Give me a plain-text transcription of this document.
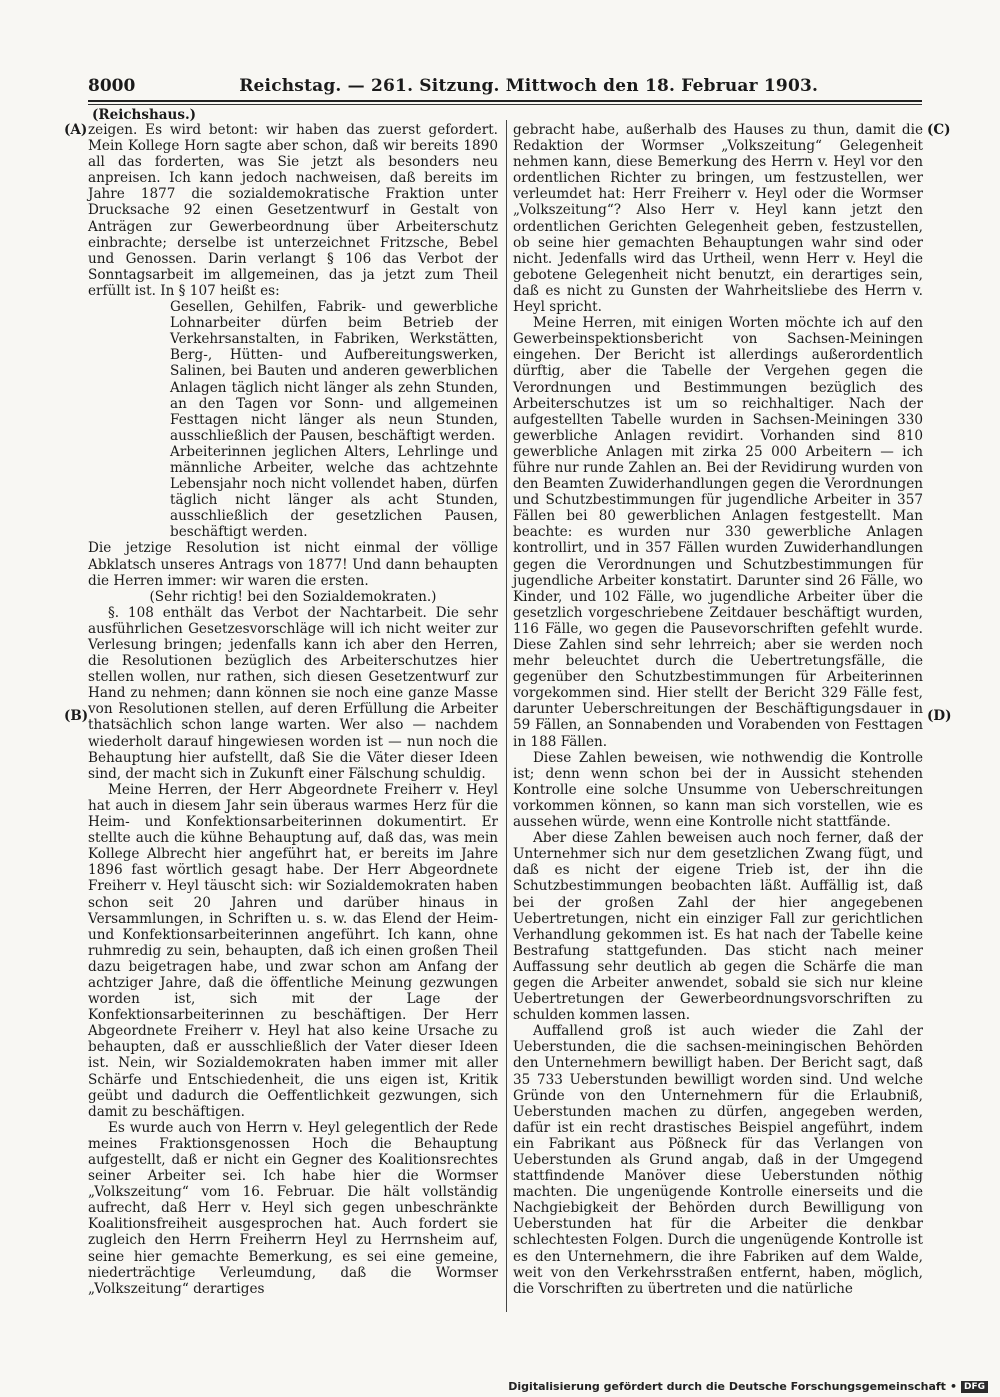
8000	Reichstag. — 261. Sitzung. Mittwoch den 18. Februar 1903.
(Reichshaus.)
(A)
(B)
(C)
(D)

zeigen. Es wird betont: wir haben das zuerst gefordert. Mein Kollege Horn sagte aber schon, daß wir bereits 1890 all das forderten, was Sie jetzt als besonders neu anpreisen. Ich kann jedoch nachweisen, daß bereits im Jahre 1877 die sozialdemokratische Fraktion unter Drucksache 92 einen Gesetzentwurf in Gestalt von Anträgen zur Gewerbeordnung über Arbeiterschutz einbrachte; derselbe ist unterzeichnet Fritzsche, Bebel und Genossen. Darin verlangt § 106 das Verbot der Sonntagsarbeit im allgemeinen, das ja jetzt zum Theil erfüllt ist. In § 107 heißt es:

Gesellen, Gehilfen, Fabrik- und gewerbliche Lohnarbeiter dürfen beim Betrieb der Verkehrsanstalten, in Fabriken, Werkstätten, Berg-, Hütten- und Aufbereitungswerken, Salinen, bei Bauten und anderen gewerblichen Anlagen täglich nicht länger als zehn Stunden, an den Tagen vor Sonn- und allgemeinen Festtagen nicht länger als neun Stunden, ausschließlich der Pausen, beschäftigt werden.

Arbeiterinnen jeglichen Alters, Lehrlinge und männliche Arbeiter, welche das achtzehnte Lebensjahr noch nicht vollendet haben, dürfen täglich nicht länger als acht Stunden, ausschließlich der gesetzlichen Pausen, beschäftigt werden.

Die jetzige Resolution ist nicht einmal der völlige Abklatsch unseres Antrags von 1877! Und dann behaupten die Herren immer: wir waren die ersten.

(Sehr richtig! bei den Sozialdemokraten.)

§. 108 enthält das Verbot der Nachtarbeit. Die sehr ausführlichen Gesetzesvorschläge will ich nicht weiter zur Verlesung bringen; jedenfalls kann ich aber den Herren, die Resolutionen bezüglich des Arbeiterschutzes hier stellen wollen, nur rathen, sich diesen Gesetzentwurf zur Hand zu nehmen; dann können sie noch eine ganze Masse von Resolutionen stellen, auf deren Erfüllung die Arbeiter thatsächlich schon lange warten. Wer also — nachdem wiederholt darauf hingewiesen worden ist — nun noch die Behauptung hier aufstellt, daß Sie die Väter dieser Ideen sind, der macht sich in Zukunft einer Fälschung schuldig.

Meine Herren, der Herr Abgeordnete Freiherr v. Heyl hat auch in diesem Jahr sein überaus warmes Herz für die Heim- und Konfektionsarbeiterinnen dokumentirt. Er stellte auch die kühne Behauptung auf, daß das, was mein Kollege Albrecht hier angeführt hat, er bereits im Jahre 1896 fast wörtlich gesagt habe. Der Herr Abgeordnete Freiherr v. Heyl täuscht sich: wir Sozialdemokraten haben schon seit 20 Jahren und darüber hinaus in Versammlungen, in Schriften u. s. w. das Elend der Heim- und Konfektionsarbeiterinnen angeführt. Ich kann, ohne ruhmredig zu sein, behaupten, daß ich einen großen Theil dazu beigetragen habe, und zwar schon am Anfang der achtziger Jahre, daß die öffentliche Meinung gezwungen worden ist, sich mit der Lage der Konfektionsarbeiterinnen zu beschäftigen. Der Herr Abgeordnete Freiherr v. Heyl hat also keine Ursache zu behaupten, daß er ausschließlich der Vater dieser Ideen ist. Nein, wir Sozialdemokraten haben immer mit aller Schärfe und Entschiedenheit, die uns eigen ist, Kritik geübt und dadurch die Oeffentlichkeit gezwungen, sich damit zu beschäftigen.

Es wurde auch von Herrn v. Heyl gelegentlich der Rede meines Fraktionsgenossen Hoch die Behauptung aufgestellt, daß er nicht ein Gegner des Koalitionsrechtes seiner Arbeiter sei. Ich habe hier die Wormser „Volkszeitung“ vom 16. Februar. Die hält vollständig aufrecht, daß Herr v. Heyl sich gegen unbeschränkte Koalitionsfreiheit ausgesprochen hat. Auch fordert sie zugleich den Herrn Freiherrn Heyl zu Herrnsheim auf, seine hier gemachte Bemerkung, es sei eine gemeine, niederträchtige Verleumdung, daß die Wormser „Volkszeitung“ derartiges

gebracht habe, außerhalb des Hauses zu thun, damit die Redaktion der Wormser „Volkszeitung“ Gelegenheit nehmen kann, diese Bemerkung des Herrn v. Heyl vor den ordentlichen Richter zu bringen, um festzustellen, wer verleumdet hat: Herr Freiherr v. Heyl oder die Wormser „Volkszeitung“? Also Herr v. Heyl kann jetzt den ordentlichen Gerichten Gelegenheit geben, festzustellen, ob seine hier gemachten Behauptungen wahr sind oder nicht. Jedenfalls wird das Urtheil, wenn Herr v. Heyl die gebotene Gelegenheit nicht benutzt, ein derartiges sein, daß es nicht zu Gunsten der Wahrheitsliebe des Herrn v. Heyl spricht.

Meine Herren, mit einigen Worten möchte ich auf den Gewerbeinspektionsbericht von Sachsen-Meiningen eingehen. Der Bericht ist allerdings außerordentlich dürftig, aber die Tabelle der Vergehen gegen die Verordnungen und Bestimmungen bezüglich des Arbeiterschutzes ist um so reichhaltiger. Nach der aufgestellten Tabelle wurden in Sachsen-Meiningen 330 gewerbliche Anlagen revidirt. Vorhanden sind 810 gewerbliche Anlagen mit zirka 25 000 Arbeitern — ich führe nur runde Zahlen an. Bei der Revidirung wurden von den Beamten Zuwiderhandlungen gegen die Verordnungen und Schutzbestimmungen für jugendliche Arbeiter in 357 Fällen bei 80 gewerblichen Anlagen festgestellt. Man beachte: es wurden nur 330 gewerbliche Anlagen kontrollirt, und in 357 Fällen wurden Zuwiderhandlungen gegen die Verordnungen und Schutzbestimmungen für jugendliche Arbeiter konstatirt. Darunter sind 26 Fälle, wo Kinder, und 102 Fälle, wo jugendliche Arbeiter über die gesetzlich vorgeschriebene Zeitdauer beschäftigt wurden, 116 Fälle, wo gegen die Pausevorschriften gefehlt wurde. Diese Zahlen sind sehr lehrreich; aber sie werden noch mehr beleuchtet durch die Uebertretungsfälle, die gegenüber den Schutzbestimmungen für Arbeiterinnen vorgekommen sind. Hier stellt der Bericht 329 Fälle fest, darunter Ueberschreitungen der Beschäftigungsdauer in 59 Fällen, an Sonnabenden und Vorabenden von Festtagen in 188 Fällen.

Diese Zahlen beweisen, wie nothwendig die Kontrolle ist; denn wenn schon bei der in Aussicht stehenden Kontrolle eine solche Unsumme von Ueberschreitungen vorkommen können, so kann man sich vorstellen, wie es aussehen würde, wenn eine Kontrolle nicht stattfände.

Aber diese Zahlen beweisen auch noch ferner, daß der Unternehmer sich nur dem gesetzlichen Zwang fügt, und daß es nicht der eigene Trieb ist, der ihn die Schutzbestimmungen beobachten läßt. Auffällig ist, daß bei der großen Zahl der hier angegebenen Uebertretungen, nicht ein einziger Fall zur gerichtlichen Verhandlung gekommen ist. Es hat nach der Tabelle keine Bestrafung stattgefunden. Das sticht nach meiner Auffassung sehr deutlich ab gegen die Schärfe die man gegen die Arbeiter anwendet, sobald sie sich nur kleine Uebertretungen der Gewerbeordnungsvorschriften zu schulden kommen lassen.

Auffallend groß ist auch wieder die Zahl der Ueberstunden, die die sachsen-meiningischen Behörden den Unternehmern bewilligt haben. Der Bericht sagt, daß 35 733 Ueberstunden bewilligt worden sind. Und welche Gründe von den Unternehmern für die Erlaubniß, Ueberstunden machen zu dürfen, angegeben werden, dafür ist ein recht drastisches Beispiel angeführt, indem ein Fabrikant aus Pößneck für das Verlangen von Ueberstunden als Grund angab, daß in der Umgegend stattfindende Manöver diese Ueberstunden nöthig machten. Die ungenügende Kontrolle einerseits und die Nachgiebigkeit der Behörden durch Bewilligung von Ueberstunden hat für die Arbeiter die denkbar schlechtesten Folgen. Durch die ungenügende Kontrolle ist es den Unternehmern, die ihre Fabriken auf dem Walde, weit von den Verkehrsstraßen entfernt, haben, möglich, die Vorschriften zu übertreten und die natürliche

Digitalisierung gefördert durch die Deutsche Forschungsgemeinschaft • DFG
